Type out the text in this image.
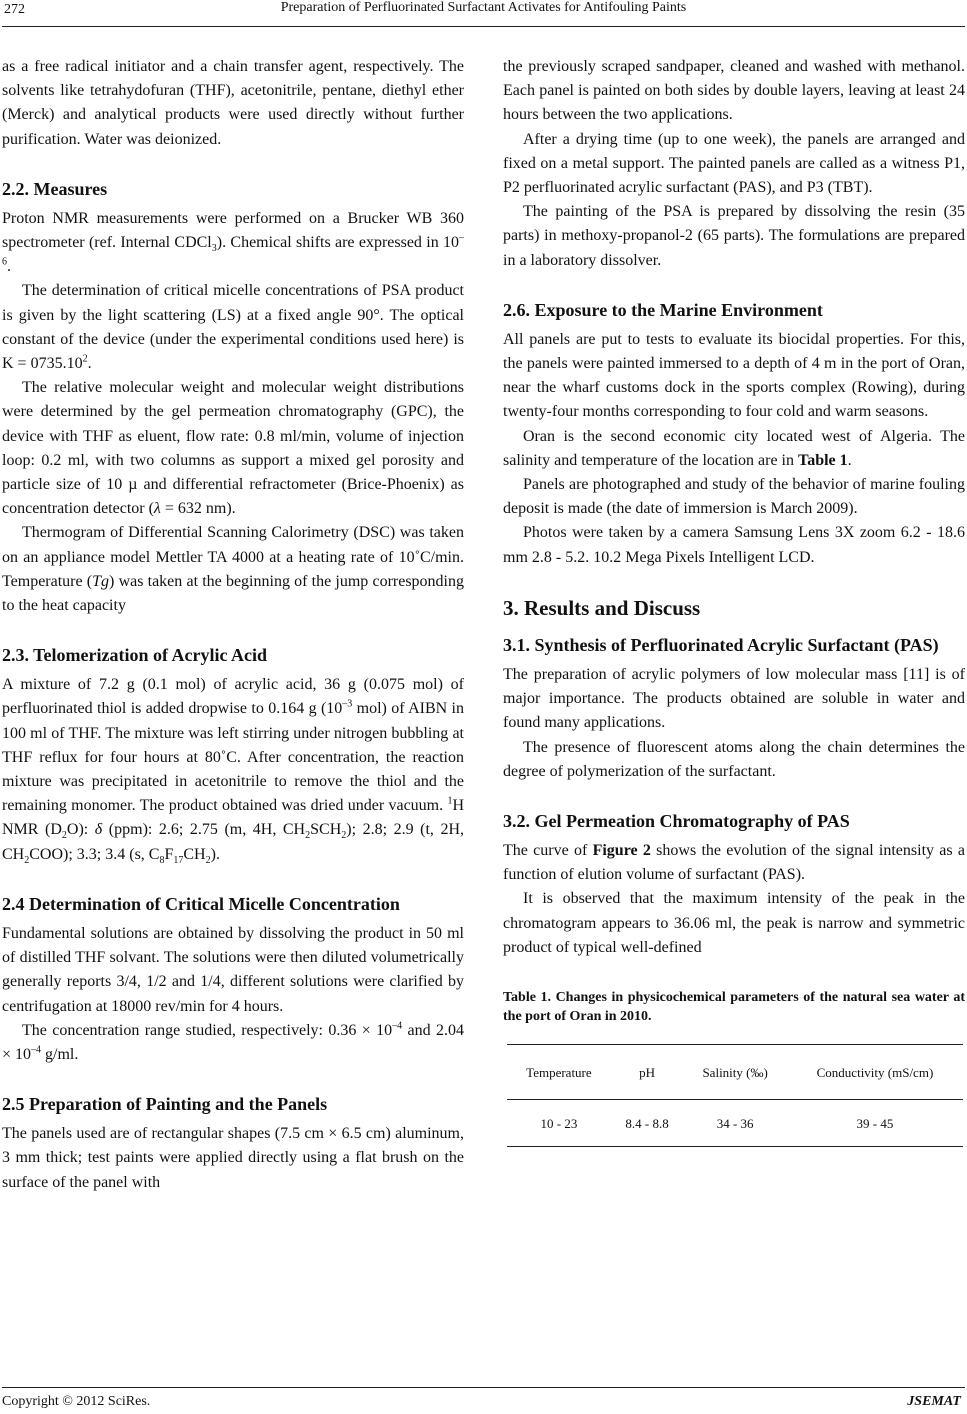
272	Preparation of Perfluorinated Surfactant Activates for Antifouling Paints

as a free radical initiator and a chain transfer agent, respectively. The solvents like tetrahydofuran (THF), acetonitrile, pentane, diethyl ether (Merck) and analytical products were used directly without further purification. Water was deionized.

2.2. Measures

Proton NMR measurements were performed on a Brucker WB 360 spectrometer (ref. Internal CDCl$_3$). Chemical shifts are expressed in $10^{-6}$.

The determination of critical micelle concentrations of PSA product is given by the light scattering (LS) at a fixed angle 90°. The optical constant of the device (under the experimental conditions used here) is $K = 0735.10^2$.

The relative molecular weight and molecular weight distributions were determined by the gel permeation chromatography (GPC), the device with THF as eluent, flow rate: 0.8 ml/min, volume of injection loop: 0.2 ml, with two columns as support a mixed gel porosity and particle size of 10 µ and differential refractometer (Brice-Phoenix) as concentration detector (λ = 632 nm).

Thermogram of Differential Scanning Calorimetry (DSC) was taken on an appliance model Mettler TA 4000 at a heating rate of 10˚C/min. Temperature (Tg) was taken at the beginning of the jump corresponding to the heat capacity

2.3. Telomerization of Acrylic Acid

A mixture of 7.2 g (0.1 mol) of acrylic acid, 36 g (0.075 mol) of perfluorinated thiol is added dropwise to 0.164 g ($10^{-3}$ mol) of AIBN in 100 ml of THF. The mixture was left stirring under nitrogen bubbling at THF reflux for four hours at 80˚C. After concentration, the reaction mixture was precipitated in acetonitrile to remove the thiol and the remaining monomer. The product obtained was dried under vacuum. $^1$H NMR $(D_2O)$: δ (ppm): 2.6; 2.75 (m, 4H, $CH_2SCH_2$); 2.8; 2.9 (t, 2H, $CH_2COO$); 3.3; 3.4 (s, $C_8F_{17}CH_2$).

2.4 Determination of Critical Micelle Concentration

Fundamental solutions are obtained by dissolving the product in 50 ml of distilled THF solvant. The solutions were then diluted volumetrically generally reports 3/4, 1/2 and 1/4, different solutions were clarified by centrifugation at 18000 rev/min for 4 hours.

The concentration range studied, respectively: $0.36 \times 10^{-4}$ and $2.04 \times 10^{-4}$ g/ml.

2.5 Preparation of Painting and the Panels

The panels used are of rectangular shapes (7.5 cm × 6.5 cm) aluminum, 3 mm thick; test paints were applied directly using a flat brush on the surface of the panel with

the previously scraped sandpaper, cleaned and washed with methanol. Each panel is painted on both sides by double layers, leaving at least 24 hours between the two applications.

After a drying time (up to one week), the panels are arranged and fixed on a metal support. The painted panels are called as a witness P1, P2 perfluorinated acrylic surfactant (PAS), and P3 (TBT).

The painting of the PSA is prepared by dissolving the resin (35 parts) in methoxy-propanol-2 (65 parts). The formulations are prepared in a laboratory dissolver.

2.6. Exposure to the Marine Environment

All panels are put to tests to evaluate its biocidal properties. For this, the panels were painted immersed to a depth of 4 m in the port of Oran, near the wharf customs dock in the sports complex (Rowing), during twenty-four months corresponding to four cold and warm seasons.

Oran is the second economic city located west of Algeria. The salinity and temperature of the location are in Table 1.

Panels are photographed and study of the behavior of marine fouling deposit is made (the date of immersion is March 2009).

Photos were taken by a camera Samsung Lens 3X zoom 6.2 - 18.6 mm 2.8 - 5.2. 10.2 Mega Pixels Intelligent LCD.

3. Results and Discuss
3.1. Synthesis of Perfluorinated Acrylic Surfactant (PAS)

The preparation of acrylic polymers of low molecular mass [11] is of major importance. The products obtained are soluble in water and found many applications.

The presence of fluorescent atoms along the chain determines the degree of polymerization of the surfactant.

3.2. Gel Permeation Chromatography of PAS

The curve of Figure 2 shows the evolution of the signal intensity as a function of elution volume of surfactant (PAS).

It is observed that the maximum intensity of the peak in the chromatogram appears to 36.06 ml, the peak is narrow and symmetric product of typical well-defined

Table 1. Changes in physicochemical parameters of the natural sea water at the port of Oran in 2010.

Temperature	pH	Salinity (‰)	Conductivity (mS/cm)
10 - 23	8.4 - 8.8	34 - 36	39 - 45
Copyright © 2012 SciRes.	JSEMAT
